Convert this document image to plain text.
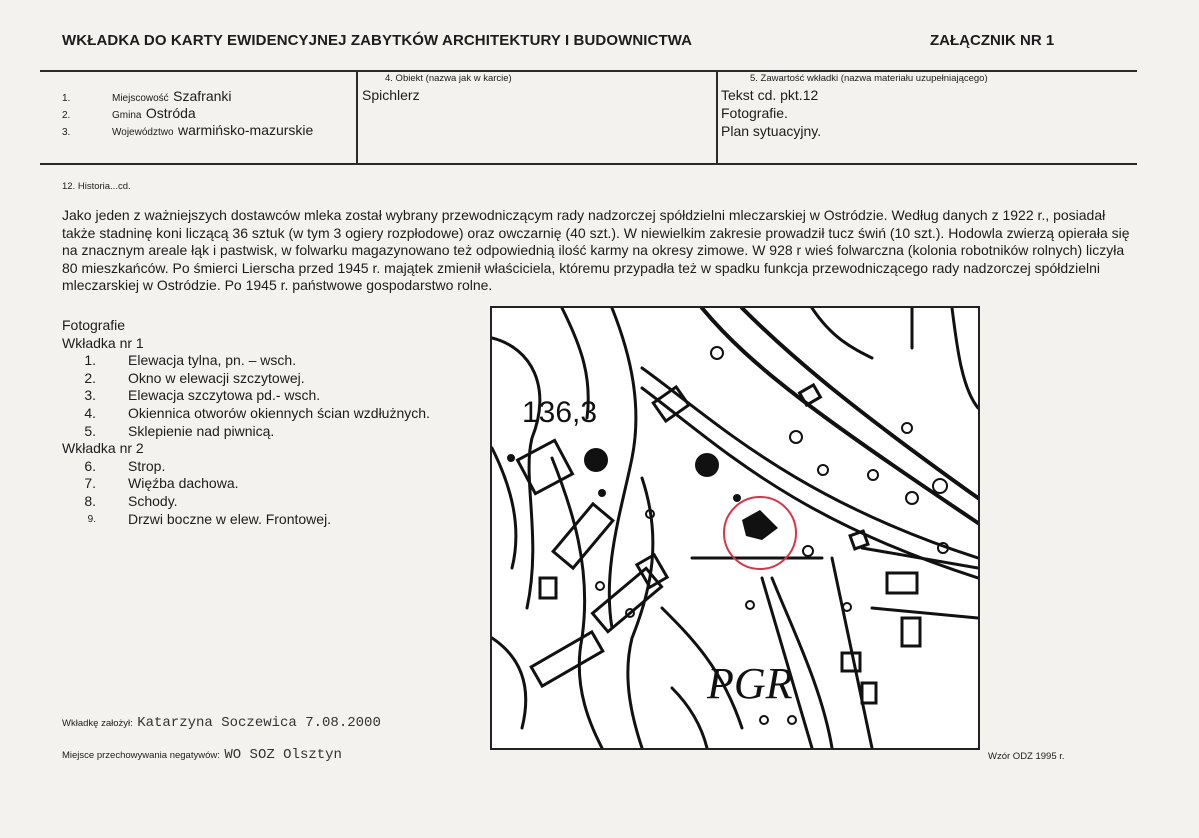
WKŁADKA DO KARTY EWIDENCYJNEJ ZABYTKÓW ARCHITEKTURY I BUDOWNICTWA	ZAŁĄCZNIK NR 1
1.	Miejscowość Szafranki
2.	Gmina Ostróda
3.	Województwo warmińsko-mazurskie
4. Obiekt (nazwa jak w karcie)
Spichlerz
5. Zawartość wkładki (nazwa materiału uzupełniającego)
Tekst cd. pkt.12
Fotografie.
Plan sytuacyjny.
12. Historia...cd.
Jako jeden z ważniejszych dostawców mleka został wybrany przewodniczącym rady nadzorczej spółdzielni mleczarskiej w Ostródzie. Według danych z 1922 r., posiadał także stadninę koni liczącą 36 sztuk (w tym 3 ogiery rozpłodowe) oraz owczarnię (40 szt.). W niewielkim zakresie prowadził tucz świń (10 szt.). Hodowla zwierzą opierała się na znacznym areale łąk i pastwisk, w folwarku magazynowano też odpowiednią ilość karmy na okresy zimowe. W 928 r wieś folwarczna (kolonia robotników rolnych) liczyła 80 mieszkańców. Po śmierci Lierscha przed 1945 r. majątek zmienił właściciela, któremu przypadła też w spadku funkcja przewodniczącego rady nadzorczej spółdzielni mleczarskiej w Ostródzie. Po 1945 r. państwowe gospodarstwo rolne.
Fotografie
Wkładka nr 1
1. Elewacja tylna, pn. – wsch.
2. Okno w elewacji szczytowej.
3. Elewacja szczytowa pd.- wsch.
4. Okiennica otworów okiennych ścian wzdłużnych.
5. Sklepienie nad piwnicą.
Wkładka nr 2
6. Strop.
7. Więźba dachowa.
8. Schody.
9. Drzwi boczne w elew. Frontowej.
136,3
PGR
Wkładkę założył: Katarzyna Soczewica 7.08.2000
Miejsce przechowywania negatywów: WO SOZ Olsztyn	Wzór ODZ 1995 r.
